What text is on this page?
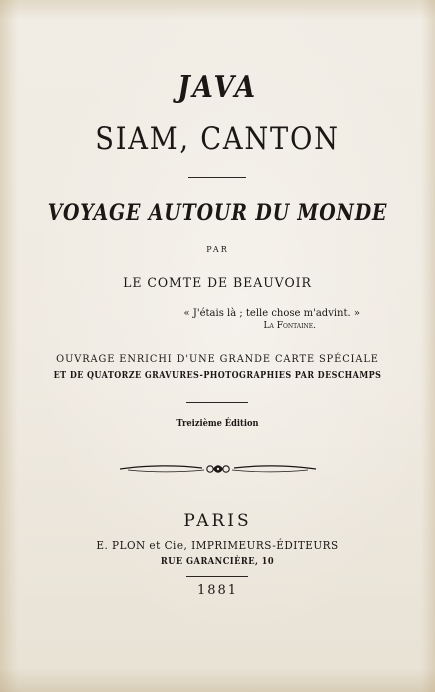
JAVA
SIAM, CANTON
VOYAGE AUTOUR DU MONDE

PAR

LE COMTE DE BEAUVOIR

« J'étais là ; telle chose m'advint. »

La Fontaine.

OUVRAGE ENRICHI D'UNE GRANDE CARTE SPÉCIALE

ET DE QUATORZE GRAVURES-PHOTOGRAPHIES PAR DESCHAMPS

Treizième Édition

PARIS

E. PLON et Cie, IMPRIMEURS-ÉDITEURS

RUE GARANCIÈRE, 10

1881
